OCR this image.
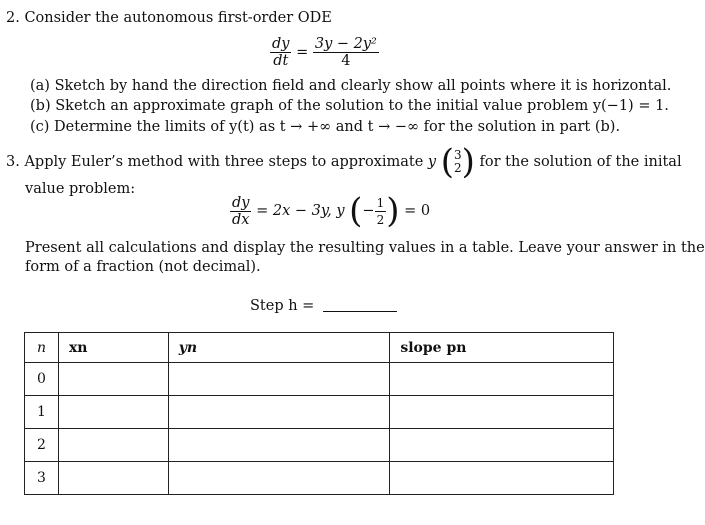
2. Consider the autonomous first-order ODE
$\frac{dy}{dt} = \frac{\text{3y − 2y²}}{4}$
(a) Sketch by hand the direction field and clearly show all points where it is horizontal.
(b) Sketch an approximate graph of the solution to the initial value problem y(−1) = 1.
(c) Determine the limits of y(t) as t → +∞ and t → −∞ for the solution in part (b).
3. Apply Euler’s method with three steps to approximate y ( 3
2 ) for the solution of the inital
value problem:
$\frac{dy}{dx} = 2x - 3y$, y (− $\frac{1}{2}$ ) = 0
Present all calculations and display the resulting values in a table. Leave your answer in the
form of a fraction (not decimal).
Step h =
n	xn	yn	slope pn
0			
1			
2			
3			
